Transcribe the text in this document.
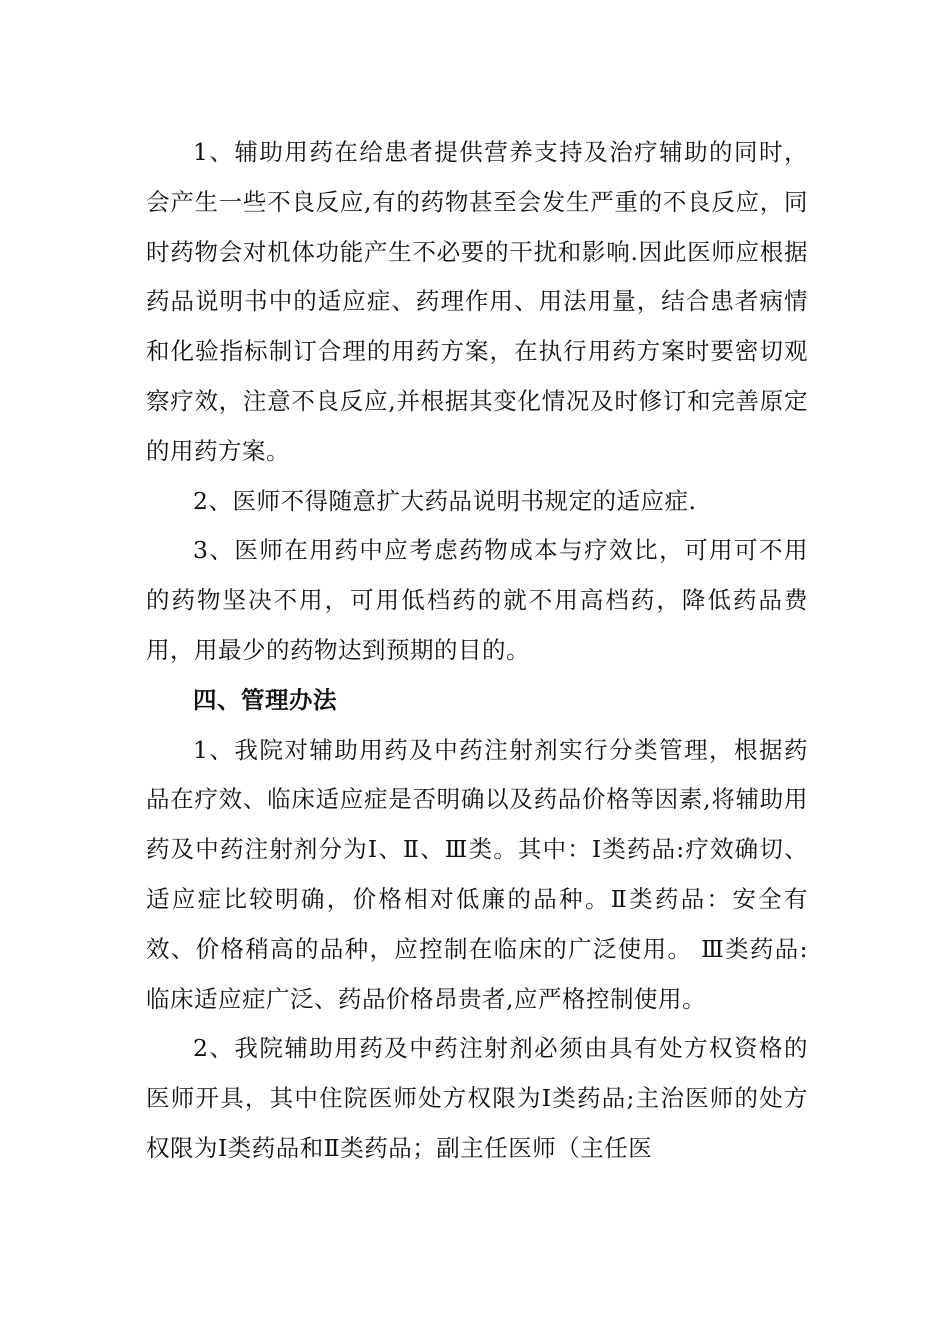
1、辅助用药在给患者提供营养支持及治疗辅助的同时，会产生一些不良反应,有的药物甚至会发生严重的不良反应，同时药物会对机体功能产生不必要的干扰和影响.因此医师应根据药品说明书中的适应症、药理作用、用法用量，结合患者病情和化验指标制订合理的用药方案，在执行用药方案时要密切观察疗效，注意不良反应,并根据其变化情况及时修订和完善原定的用药方案。

2、医师不得随意扩大药品说明书规定的适应症.

3、医师在用药中应考虑药物成本与疗效比，可用可不用的药物坚决不用，可用低档药的就不用高档药，降低药品费用，用最少的药物达到预期的目的。

四、管理办法

1、我院对辅助用药及中药注射剂实行分类管理，根据药品在疗效、临床适应症是否明确以及药品价格等因素,将辅助用药及中药注射剂分为Ⅰ、Ⅱ、Ⅲ类。其中：Ⅰ类药品:疗效确切、适应症比较明确，价格相对低廉的品种。Ⅱ类药品：安全有效、价格稍高的品种，应控制在临床的广泛使用。 Ⅲ类药品:临床适应症广泛、药品价格昂贵者,应严格控制使用。

2、我院辅助用药及中药注射剂必须由具有处方权资格的医师开具，其中住院医师处方权限为Ⅰ类药品;主治医师的处方权限为Ⅰ类药品和Ⅱ类药品；副主任医师（主任医
